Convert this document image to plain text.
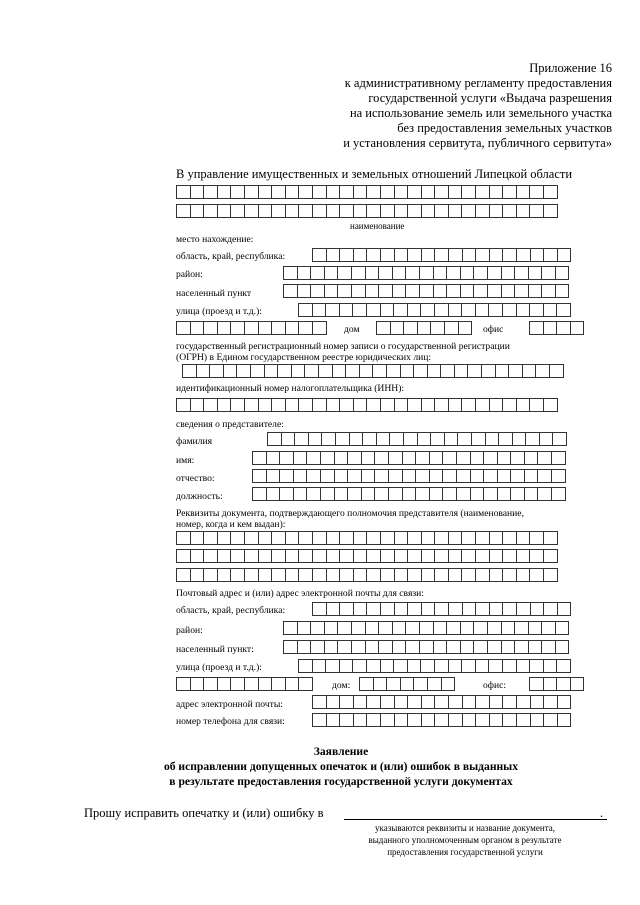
Приложение 16
к административному регламенту предоставления
государственной услуги «Выдача разрешения
на использование земель или земельного участка
без предоставления земельных участков
и установления сервитута, публичного сервитута»
В управление имущественных и земельных отношений Липецкой области
наименование
место нахождение:
область, край, республика:
район:
населенный пункт
улица (проезд и т.д.):
дом	офис
государственный регистрационный номер записи о государственной регистрации
(ОГРН) в Едином государственном реестре юридических лиц:
идентификационный номер налогоплательщика (ИНН):
сведения о представителе:
фамилия
имя:
отчество:
должность:
Реквизиты документа, подтверждающего полномочия представителя (наименование,
номер, когда и кем выдан):
Почтовый адрес и (или) адрес электронной почты для связи:
область, край, республика:
район:
населенный пункт:
улица (проезд и т.д.):
дом:	офис:
адрес электронной почты:
номер телефона для связи:
Заявление
об исправлении допущенных опечаток и (или) ошибок в выданных
в результате предоставления государственной услуги документах
Прошу исправить опечатку и (или) ошибку в	.
указываются реквизиты и название документа,
выданного уполномоченным органом в результате
предоставления государственной услуги
